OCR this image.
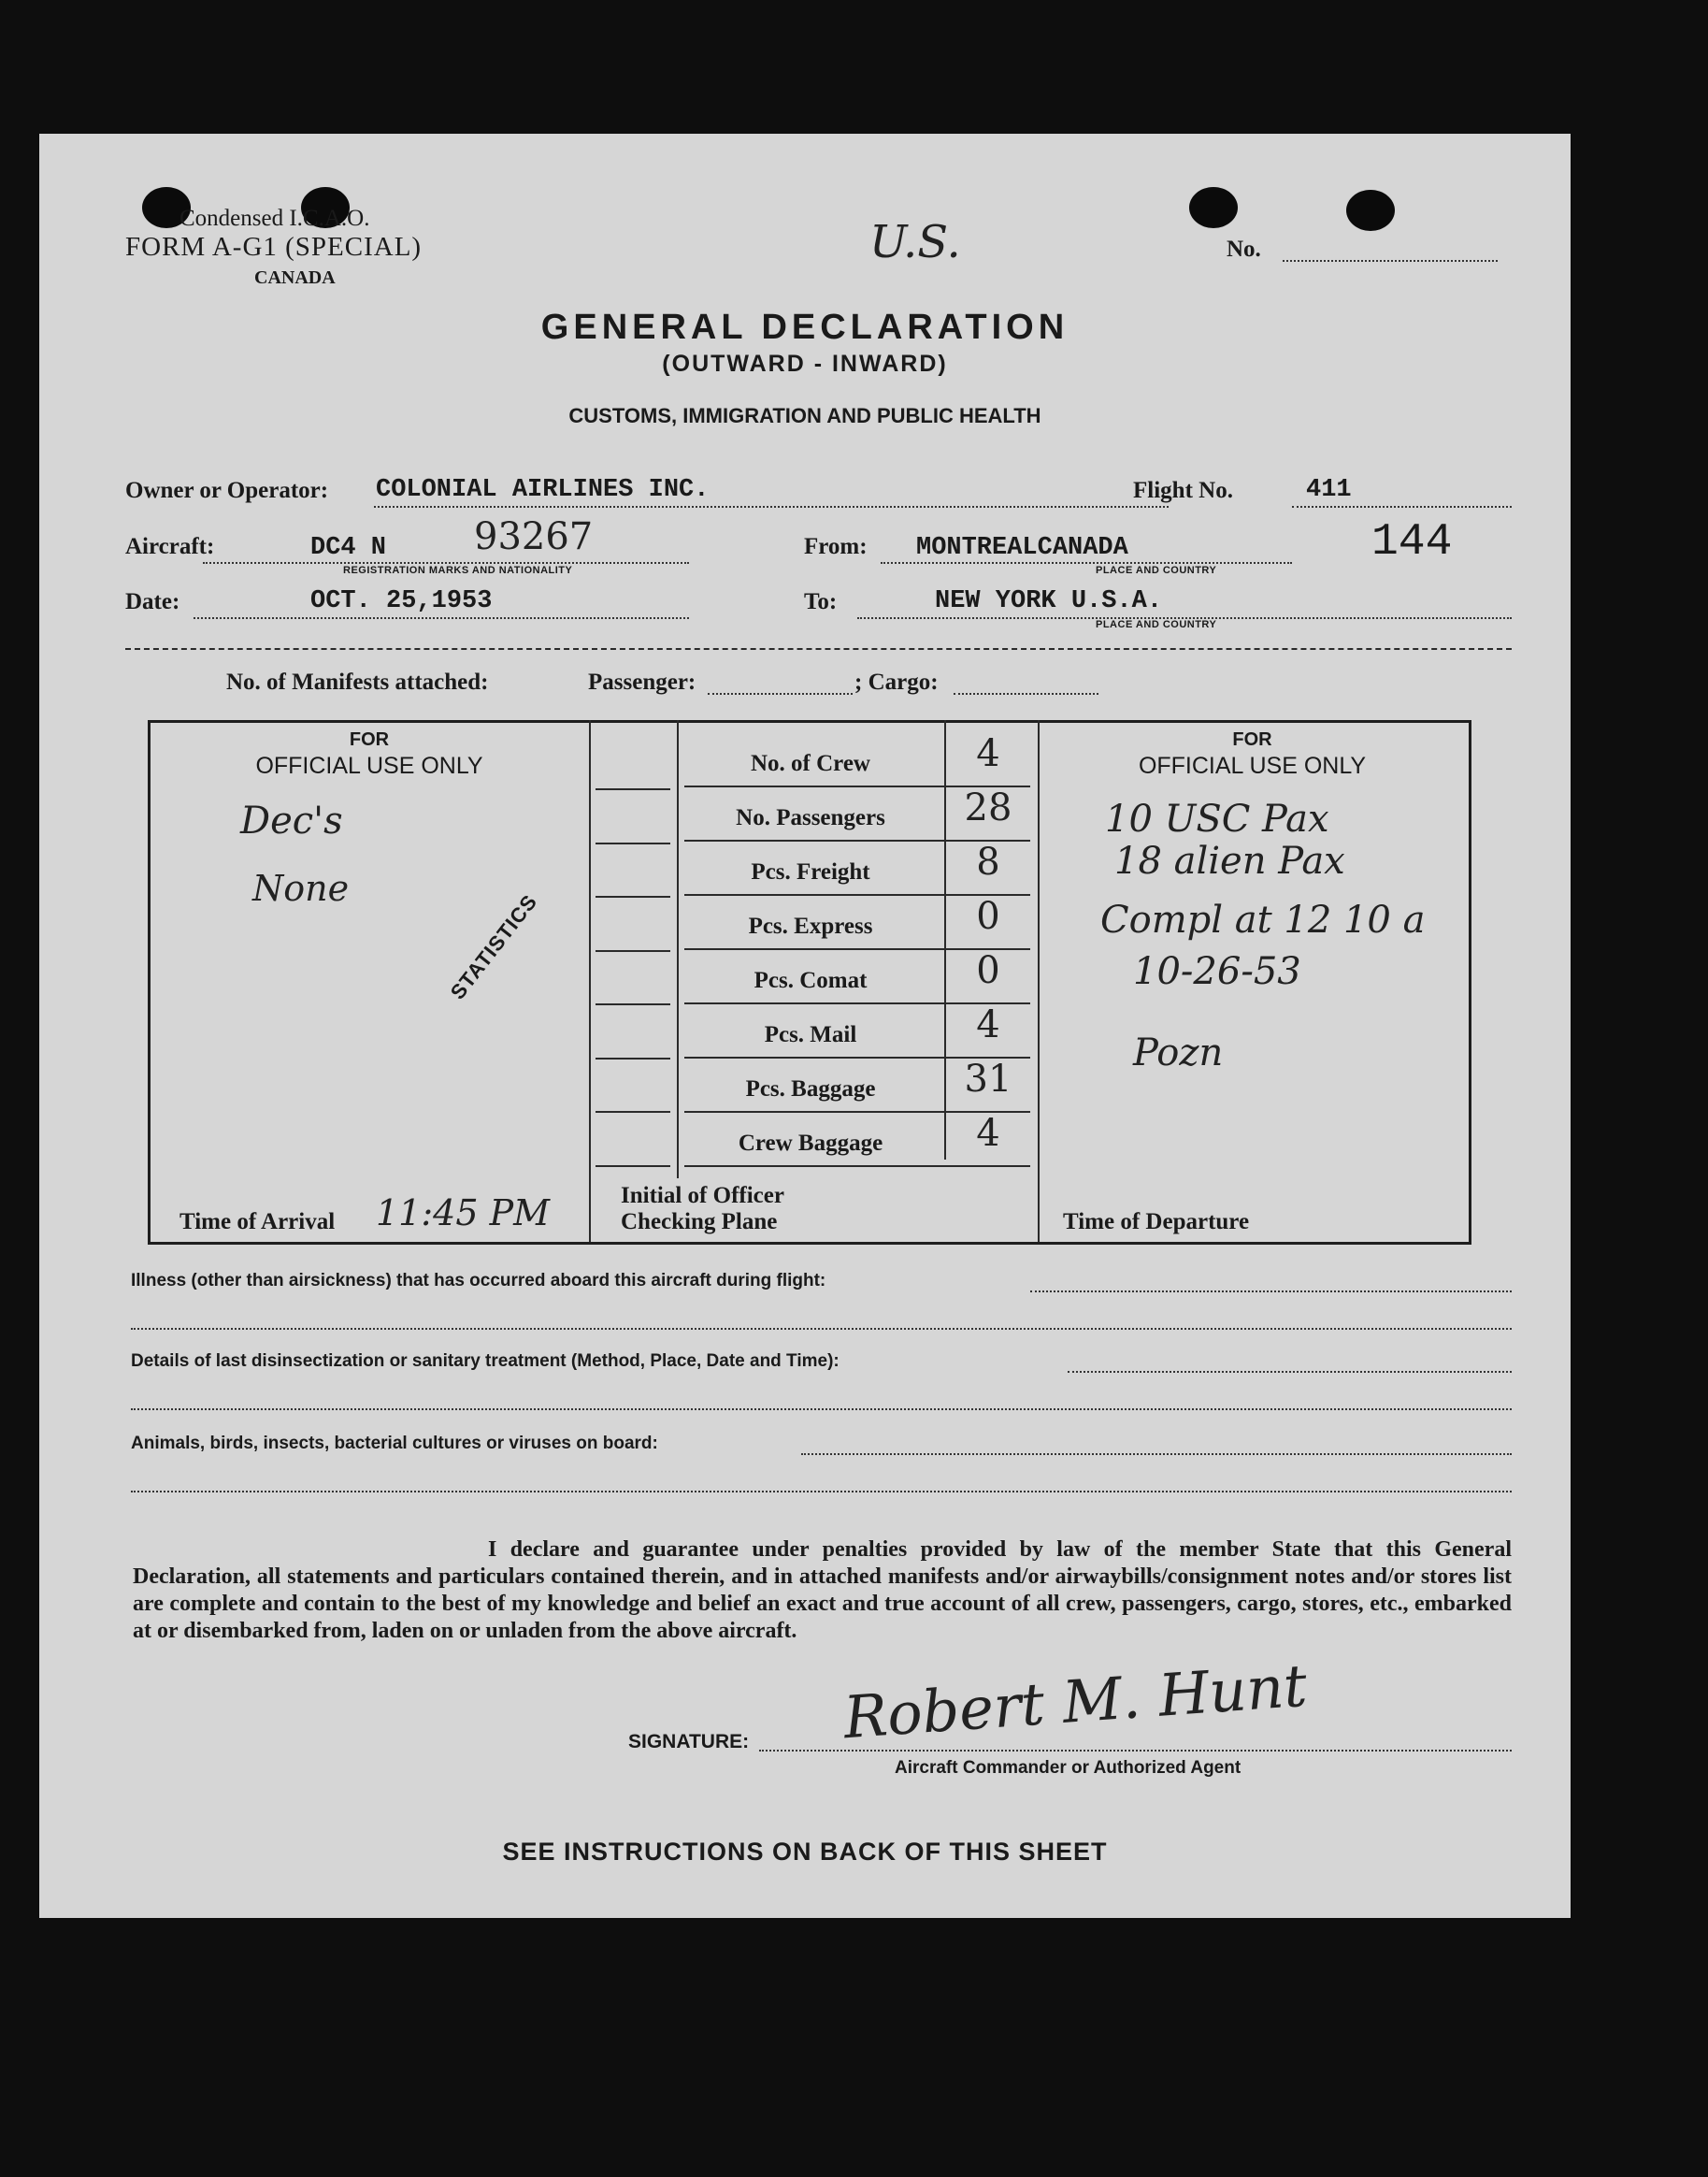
Condensed I.C.A.O.
FORM A-G1 (SPECIAL)
CANADA
U.S.	No.
GENERAL DECLARATION
(OUTWARD - INWARD)
CUSTOMS, IMMIGRATION AND PUBLIC HEALTH
Owner or Operator: COLONIAL AIRLINES INC.	Flight No.	411
Aircraft:	DC4 N 93267
REGISTRATION MARKS AND NATIONALITY
From: MONTREALCANADA
PLACE AND COUNTRY
144
Date:	OCT. 25,1953	To:	NEW YORK U.S.A.
PLACE AND COUNTRY
No. of Manifests attached:	Passenger:	; Cargo:
FOR
OFFICIAL USE ONLY
Dec's
None
STATISTICS
No. of Crew	4
No. Passengers	28
Pcs. Freight	8
Pcs. Express	0
Pcs. Comat	0
Pcs. Mail	4
Pcs. Baggage	31
Crew Baggage	4
FOR
OFFICIAL USE ONLY
10 USC Pax
18 alien Pax
Compl at 12 10 a
10-26-53
Pozn
Time of Arrival 11:45 PM	Initial of Officer
Checking Plane	Time of Departure
Illness (other than airsickness) that has occurred aboard this aircraft during flight:
Details of last disinsectization or sanitary treatment (Method, Place, Date and Time):
Animals, birds, insects, bacterial cultures or viruses on board:
I declare and guarantee under penalties provided by law of the member State that this General Declaration, all statements and particulars contained therein, and in attached manifests and/or airwaybills/consignment notes and/or stores list are complete and contain to the best of my knowledge and belief an exact and true account of all crew, passengers, cargo, stores, etc., embarked at or disembarked from, laden on or unladen from the above aircraft.
SIGNATURE: Robert M. Hunt
Aircraft Commander or Authorized Agent
SEE INSTRUCTIONS ON BACK OF THIS SHEET
